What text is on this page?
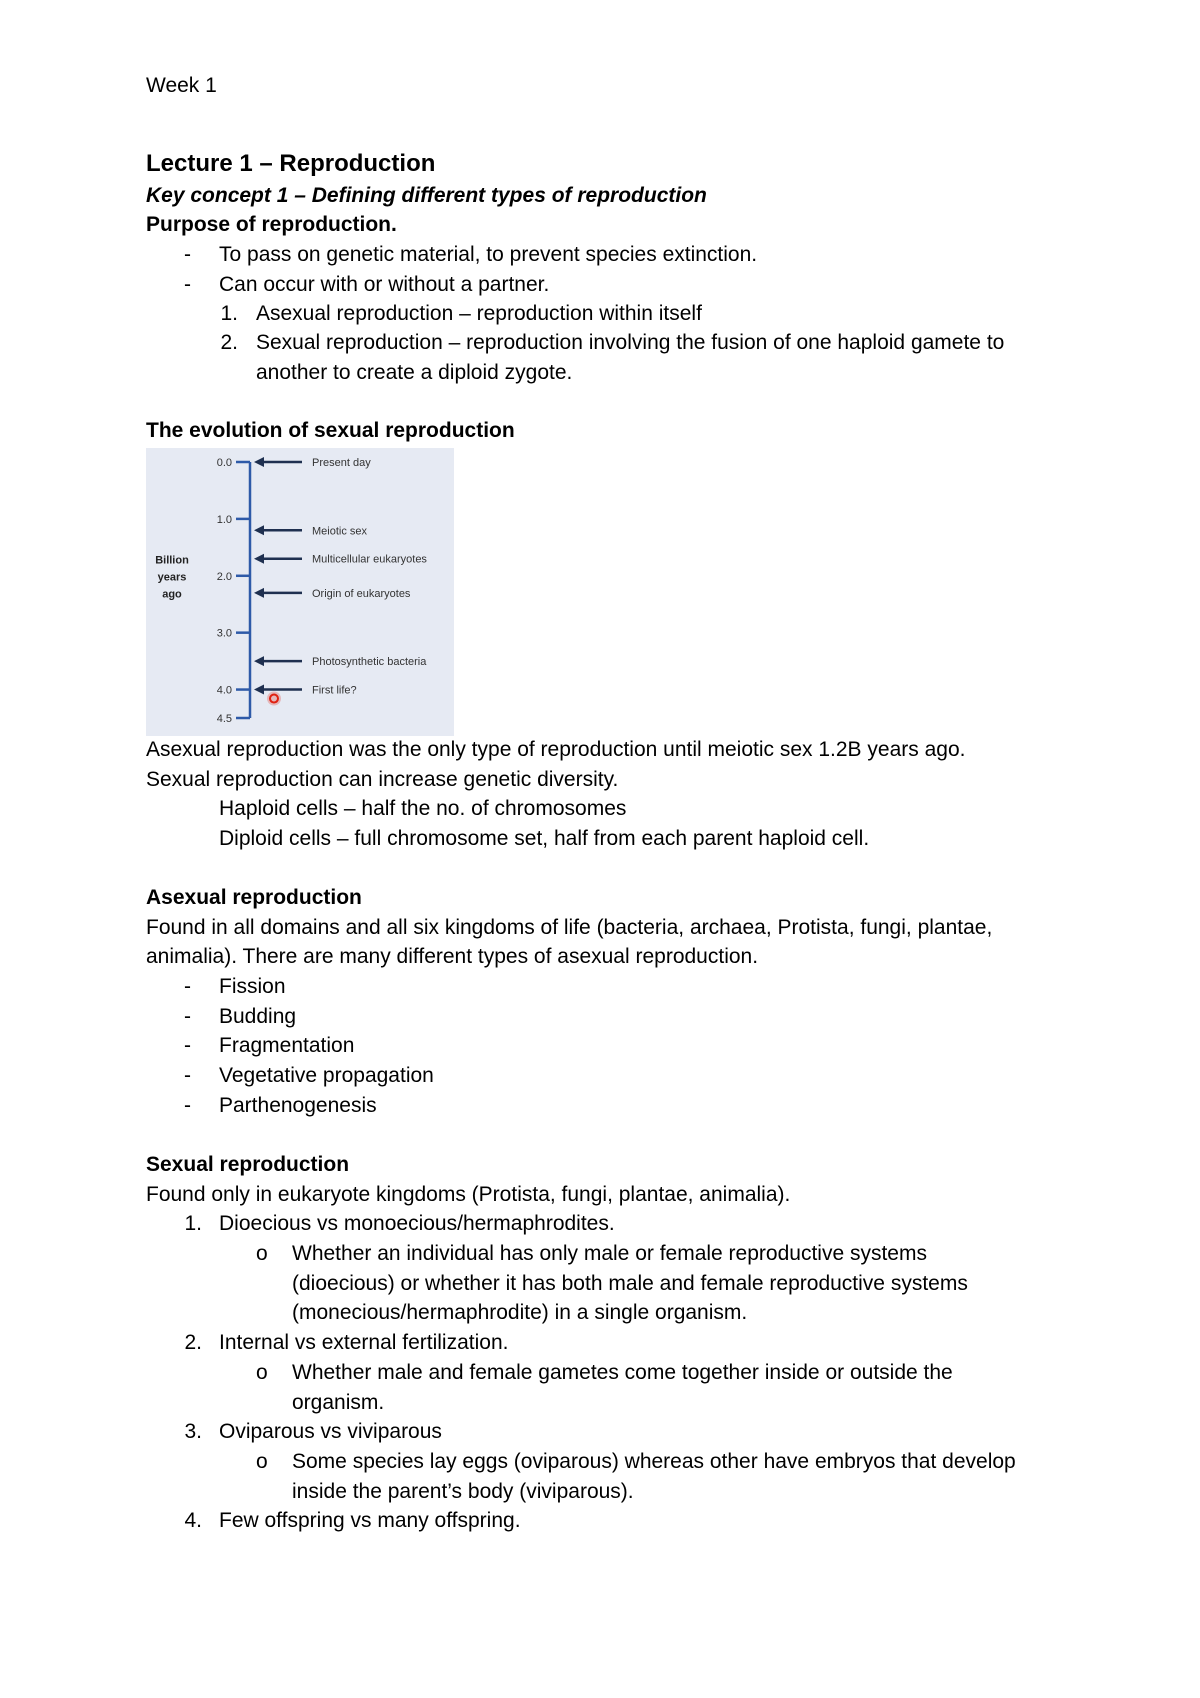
Week 1
Lecture 1 – Reproduction
Key concept 1 – Defining different types of reproduction
Purpose of reproduction.
-	To pass on genetic material, to prevent species extinction.
-	Can occur with or without a partner.
1. Asexual reproduction – reproduction within itself
2. Sexual reproduction – reproduction involving the fusion of one haploid gamete to
another to create a diploid zygote.
The evolution of sexual reproduction
0.0
1.0
2.0
3.0
4.0
4.5
Billion
years
ago
Present day
Meiotic sex
Multicellular eukaryotes
Origin of eukaryotes
Photosynthetic bacteria
First life?
Asexual reproduction was the only type of reproduction until meiotic sex 1.2B years ago.
Sexual reproduction can increase genetic diversity.
Haploid cells – half the no. of chromosomes
Diploid cells – full chromosome set, half from each parent haploid cell.
Asexual reproduction
Found in all domains and all six kingdoms of life (bacteria, archaea, Protista, fungi, plantae,
animalia). There are many different types of asexual reproduction.
-	Fission
-	Budding
-	Fragmentation
-	Vegetative propagation
-	Parthenogenesis
Sexual reproduction
Found only in eukaryote kingdoms (Protista, fungi, plantae, animalia).
1. Dioecious vs monoecious/hermaphrodites.
o Whether an individual has only male or female reproductive systems
(dioecious) or whether it has both male and female reproductive systems
(monecious/hermaphrodite) in a single organism.
2. Internal vs external fertilization.
o Whether male and female gametes come together inside or outside the
organism.
3. Oviparous vs viviparous
o Some species lay eggs (oviparous) whereas other have embryos that develop
inside the parent’s body (viviparous).
4. Few offspring vs many offspring.
